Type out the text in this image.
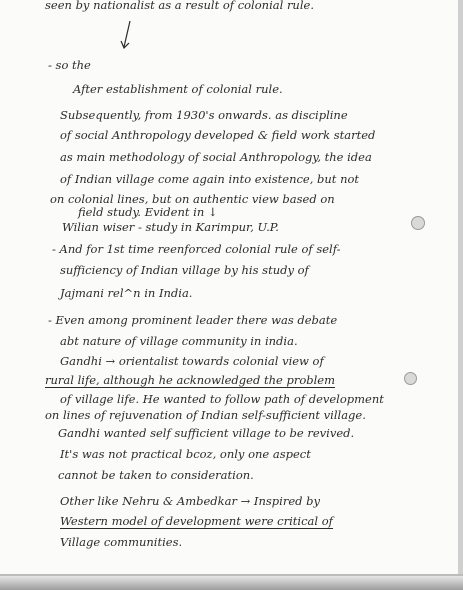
seen by nationalist as a result of colonial rule.
- so the
After establishment of colonial rule.
Subsequently, from 1930's onwards. as discipline
of social Anthropology developed & field work started
as main methodology of social Anthropology, the idea
of Indian village come again into existence, but not
on colonial lines, but on authentic view based on
field study. Evident in ↓
Wilian wiser - study in Karimpur, U.P.
- And for 1st time reenforced colonial rule of self-
sufficiency of Indian village by his study of
Jajmani rel^n in India.
- Even among prominent leader there was debate
abt nature of village community in india.
Gandhi → orientalist towards colonial view of
rural life, although he acknowledged the problem
of village life. He wanted to follow path of development
on lines of rejuvenation of Indian self-sufficient village.
Gandhi wanted self sufficient village to be revived.
It's was not practical bcoz, only one aspect
cannot be taken to consideration.
Other like Nehru & Ambedkar → Inspired by
Western model of development were critical of
Village communities.
